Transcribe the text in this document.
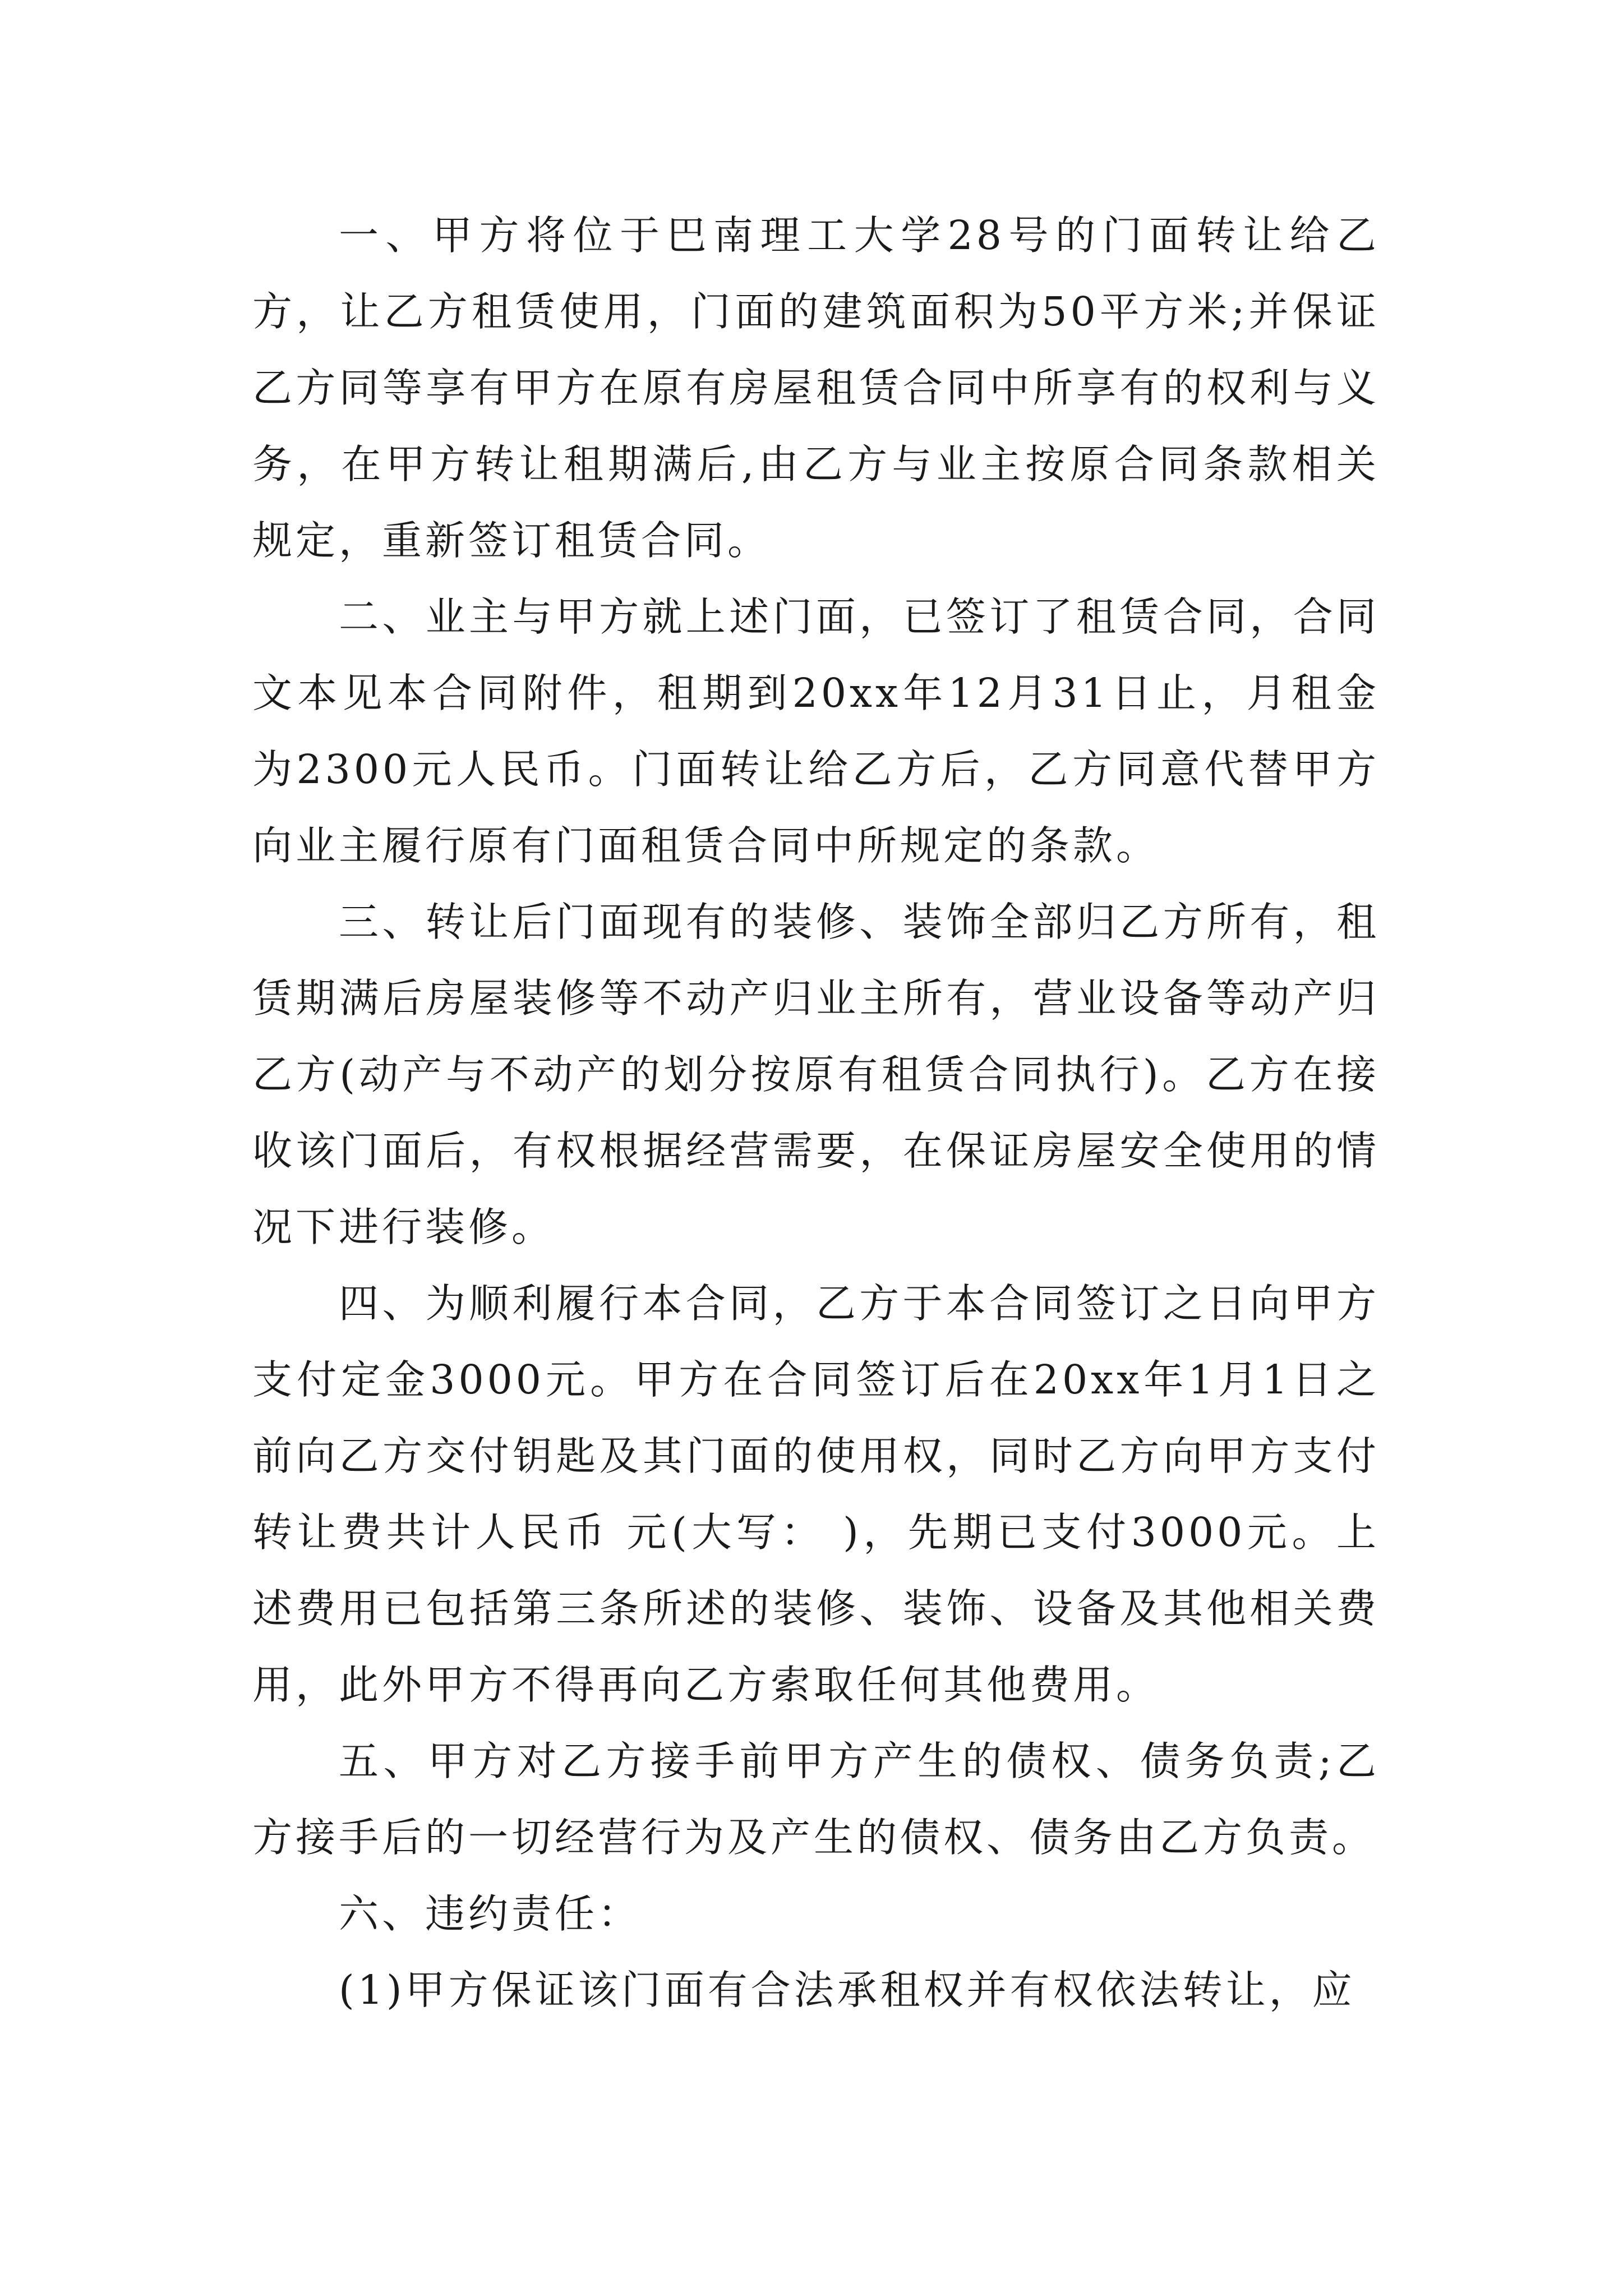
一、甲方将位于巴南理工大学28号的门面转让给乙方，让乙方租赁使用，门面的建筑面积为50平方米;并保证乙方同等享有甲方在原有房屋租赁合同中所享有的权利与义务，在甲方转让租期满后,由乙方与业主按原合同条款相关规定，重新签订租赁合同。

二、业主与甲方就上述门面，已签订了租赁合同，合同文本见本合同附件，租期到20xx年12月31日止，月租金为2300元人民币。门面转让给乙方后，乙方同意代替甲方向业主履行原有门面租赁合同中所规定的条款。

三、转让后门面现有的装修、装饰全部归乙方所有，租赁期满后房屋装修等不动产归业主所有，营业设备等动产归乙方(动产与不动产的划分按原有租赁合同执行)。乙方在接收该门面后，有权根据经营需要，在保证房屋安全使用的情况下进行装修。

四、为顺利履行本合同，乙方于本合同签订之日向甲方支付定金3000元。甲方在合同签订后在20xx年1月1日之前向乙方交付钥匙及其门面的使用权，同时乙方向甲方支付转让费共计人民币 元(大写： )，先期已支付3000元。上述费用已包括第三条所述的装修、装饰、设备及其他相关费用，此外甲方不得再向乙方索取任何其他费用。

五、甲方对乙方接手前甲方产生的债权、债务负责;乙方接手后的一切经营行为及产生的债权、债务由乙方负责。

六、违约责任：

(1)甲方保证该门面有合法承租权并有权依法转让，应
